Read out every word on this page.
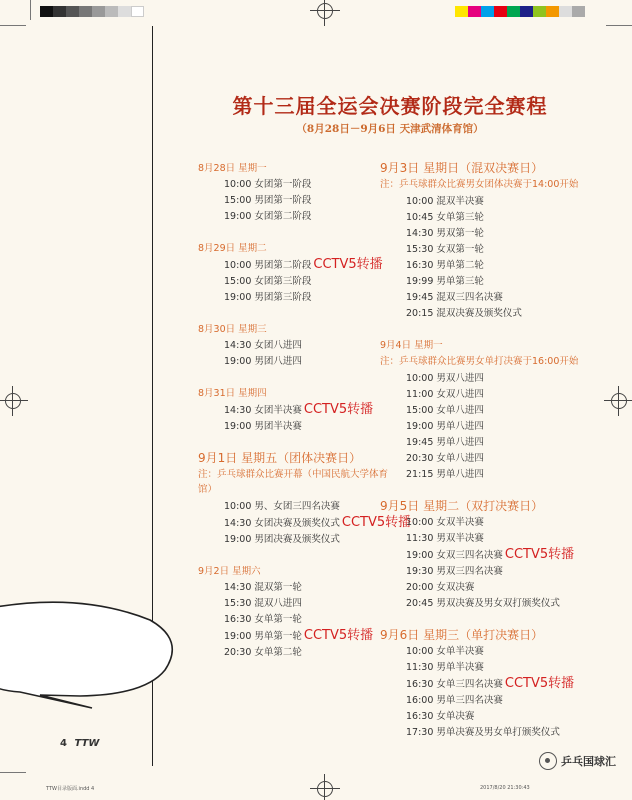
第十三届全运会决赛阶段完全赛程
（8月28日－9月6日 天津武清体育馆）
8月28日 星期一
10:00 女团第一阶段
15:00 男团第一阶段
19:00 女团第二阶段
8月29日 星期二
10:00 男团第二阶段 CCTV5转播
15:00 女团第三阶段
19:00 男团第三阶段
8月30日 星期三
14:30 女团八进四
19:00 男团八进四
8月31日 星期四
14:30 女团半决赛 CCTV5转播
19:00 男团半决赛
9月1日 星期五（团体决赛日）
注：乒乓球群众比赛开幕（中国民航大学体育馆）
10:00 男、女团三四名决赛
14:30 女团决赛及颁奖仪式 CCTV5转播
19:00 男团决赛及颁奖仪式
9月2日 星期六
14:30 混双第一轮
15:30 混双八进四
16:30 女单第一轮
19:00 男单第一轮 CCTV5转播
20:30 女单第二轮
9月3日 星期日（混双决赛日）
注：乒乓球群众比赛男女团体决赛于14:00开始
10:00 混双半决赛
10:45 女单第三轮
14:30 男双第一轮
15:30 女双第一轮
16:30 男单第二轮
19:99 男单第三轮
19:45 混双三四名决赛
20:15 混双决赛及颁奖仪式
9月4日 星期一
注：乒乓球群众比赛男女单打决赛于16:00开始
10:00 男双八进四
11:00 女双八进四
15:00 女单八进四
19:00 男单八进四
19:45 男单八进四
20:30 女单八进四
21:15 男单八进四
9月5日 星期二（双打决赛日）
10:00 女双半决赛
11:30 男双半决赛
19:00 女双三四名决赛 CCTV5转播
19:30 男双三四名决赛
20:00 女双决赛
20:45 男双决赛及男女双打颁奖仪式
9月6日 星期三（单打决赛日）
10:00 女单半决赛
11:30 男单半决赛
16:30 女单三四名决赛 CCTV5转播
16:00 男单三四名决赛
16:30 女单决赛
17:30 男单决赛及男女单打颁奖仪式
4 TTW
TTW目录版面.indd 4	2017/8/20 21:30:43
乒乓国球汇
